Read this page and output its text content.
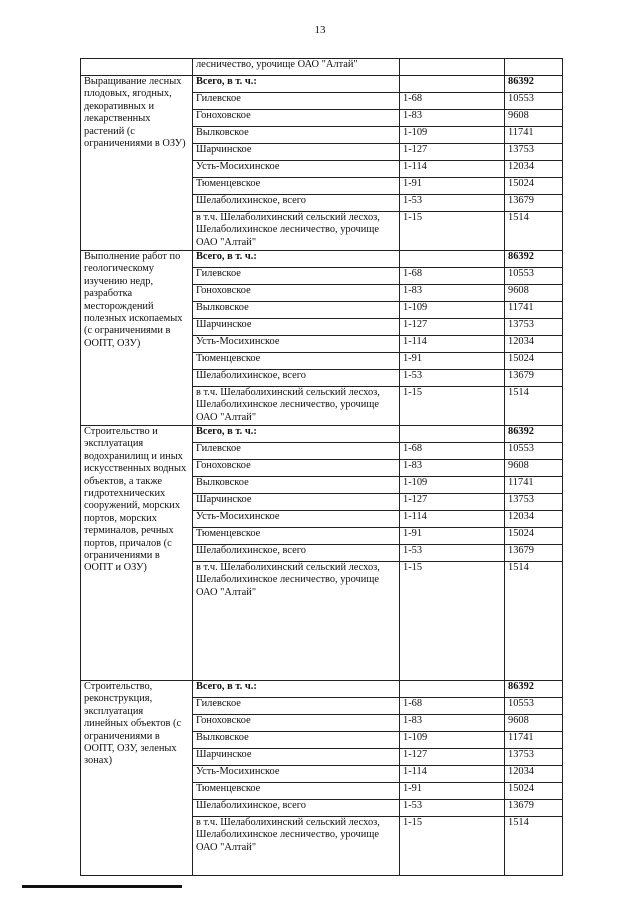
13
	лесничество, урочище ОАО "Алтай"		
Выращивание лесных плодовых, ягодных, декоративных и лекарственных растений (с ограничениями в ОЗУ)	Всего, в т. ч.:		86392
	Гилевское	1-68	10553
	Гоноховское	1-83	9608
	Вылковское	1-109	11741
	Шарчинское	1-127	13753
	Усть-Мосихинское	1-114	12034
	Тюменцевское	1-91	15024
	Шелаболихинское, всего	1-53	13679
	в т.ч. Шелаболихинский сельский лесхоз, Шелаболихинское лесничество, урочище ОАО "Алтай"	1-15	1514
Выполнение работ по геологическому изучению недр, разработка месторождений полезных ископаемых (с ограничениями в ООПТ, ОЗУ)	Всего, в т. ч.:		86392
	Гилевское	1-68	10553
	Гоноховское	1-83	9608
	Вылковское	1-109	11741
	Шарчинское	1-127	13753
	Усть-Мосихинское	1-114	12034
	Тюменцевское	1-91	15024
	Шелаболихинское, всего	1-53	13679
	в т.ч. Шелаболихинский сельский лесхоз, Шелаболихинское лесничество, урочище ОАО "Алтай"	1-15	1514
Строительство и эксплуатация водохранилищ и иных искусственных водных объектов, а также гидротехнических сооружений, морских портов, морских терминалов, речных портов, причалов (с ограничениями в ООПТ и ОЗУ)	Всего, в т. ч.:		86392
	Гилевское	1-68	10553
	Гоноховское	1-83	9608
	Вылковское	1-109	11741
	Шарчинское	1-127	13753
	Усть-Мосихинское	1-114	12034
	Тюменцевское	1-91	15024
	Шелаболихинское, всего	1-53	13679
	в т.ч. Шелаболихинский сельский лесхоз, Шелаболихинское лесничество, урочище ОАО "Алтай"	1-15	1514
Строительство, реконструкция, эксплуатация линейных объектов (с ограничениями в ООПТ, ОЗУ, зеленых зонах)	Всего, в т. ч.:		86392
	Гилевское	1-68	10553
	Гоноховское	1-83	9608
	Вылковское	1-109	11741
	Шарчинское	1-127	13753
	Усть-Мосихинское	1-114	12034
	Тюменцевское	1-91	15024
	Шелаболихинское, всего	1-53	13679
	в т.ч. Шелаболихинский сельский лесхоз, Шелаболихинское лесничество, урочище ОАО "Алтай"	1-15	1514
